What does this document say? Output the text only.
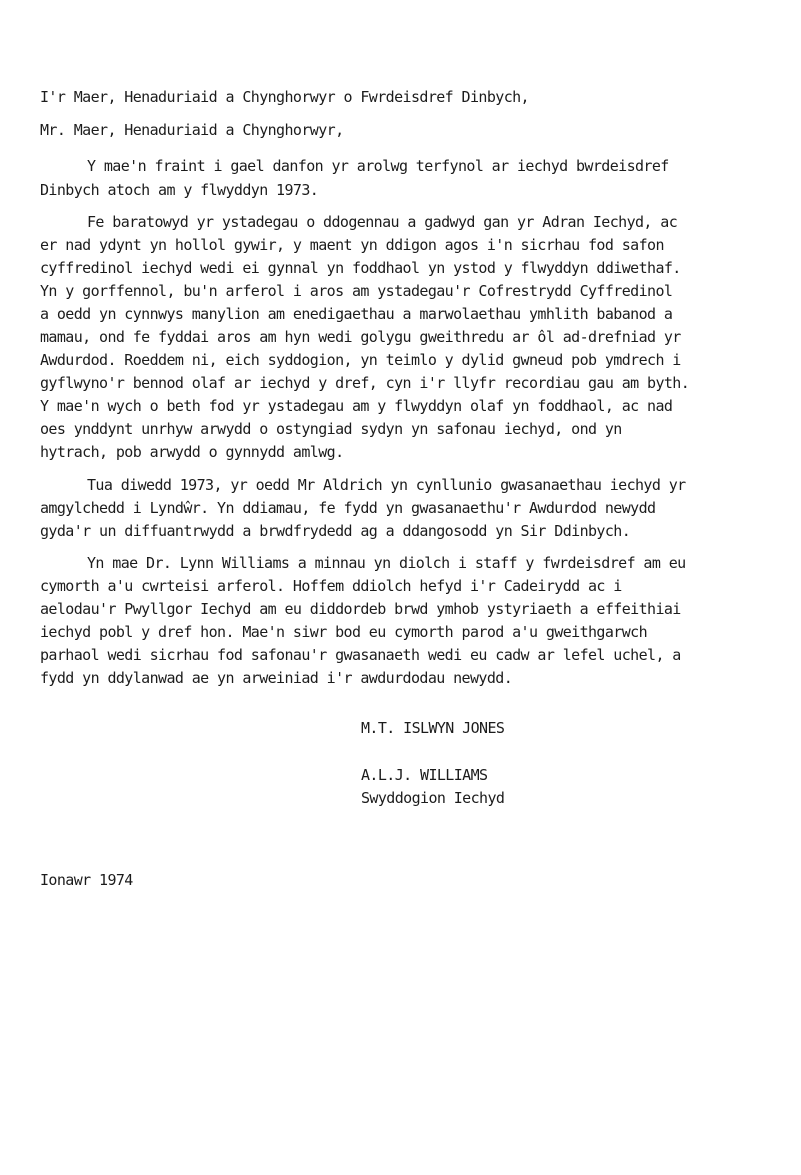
I'r Maer, Henaduriaid a Chynghorwyr o Fwrdeisdref Dinbych,
Mr. Maer, Henaduriaid a Chynghorwyr,
Y mae'n fraint i gael danfon yr arolwg terfynol ar iechyd bwrdeisdref
Dinbych atoch am y flwyddyn 1973.
Fe baratowyd yr ystadegau o ddogennau a gadwyd gan yr Adran Iechyd, ac
er nad ydynt yn hollol gywir, y maent yn ddigon agos i'n sicrhau fod safon
cyffredinol iechyd wedi ei gynnal yn foddhaol yn ystod y flwyddyn ddiwethaf.
Yn y gorffennol, bu'n arferol i aros am ystadegau'r Cofrestrydd Cyffredinol
a oedd yn cynnwys manylion am enedigaethau a marwolaethau ymhlith babanod a
mamau, ond fe fyddai aros am hyn wedi golygu gweithredu ar ôl ad-drefniad yr
Awdurdod. Roeddem ni, eich syddogion, yn teimlo y dylid gwneud pob ymdrech i
gyflwyno'r bennod olaf ar iechyd y dref, cyn i'r llyfr recordiau gau am byth.
Y mae'n wych o beth fod yr ystadegau am y flwyddyn olaf yn foddhaol, ac nad
oes ynddynt unrhyw arwydd o ostyngiad sydyn yn safonau iechyd, ond yn
hytrach, pob arwydd o gynnydd amlwg.
Tua diwedd 1973, yr oedd Mr Aldrich yn cynllunio gwasanaethau iechyd yr
amgylchedd i Lyndŵr. Yn ddiamau, fe fydd yn gwasanaethu'r Awdurdod newydd
gyda'r un diffuantrwydd a brwdfrydedd ag a ddangosodd yn Sir Ddinbych.
Yn mae Dr. Lynn Williams a minnau yn diolch i staff y fwrdeisdref am eu
cymorth a'u cwrteisi arferol. Hoffem ddiolch hefyd i'r Cadeirydd ac i
aelodau'r Pwyllgor Iechyd am eu diddordeb brwd ymhob ystyriaeth a effeithiai
iechyd pobl y dref hon. Mae'n siwr bod eu cymorth parod a'u gweithgarwch
parhaol wedi sicrhau fod safonau'r gwasanaeth wedi eu cadw ar lefel uchel, a
fydd yn ddylanwad ae yn arweiniad i'r awdurdodau newydd.
M.T. ISLWYN JONES
A.L.J. WILLIAMS
Swyddogion Iechyd
Ionawr 1974
